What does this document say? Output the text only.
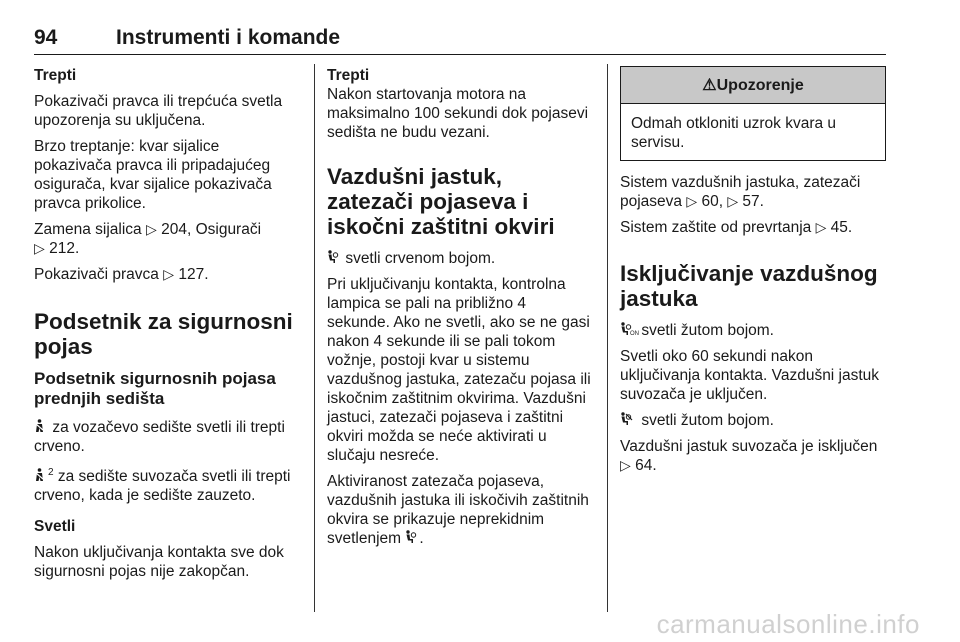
94	Instrumenti i komande

Trepti

Pokazivači pravca ili trepćuća svetla upozorenja su uključena.

Brzo treptanje: kvar sijalice pokazivača pravca ili pripadajućeg osigurača, kvar sijalice pokazivača pravca prikolice.

Zamena sijalica ▷ 204, Osigurači
▷ 212.

Pokazivači pravca ▷ 127.

Podsetnik za sigurnosni pojas
Podsetnik sigurnosnih pojasa prednjih sedišta

za vozačevo sedište svetli ili trepti crveno.

$^2$ za sedište suvozača svetli ili trepti crveno, kada je sedište zauzeto.

Svetli

Nakon uključivanja kontakta sve dok sigurnosni pojas nije zakopčan.

Trepti

Nakon startovanja motora na maksimalno 100 sekundi dok pojasevi sedišta ne budu vezani.

Vazdušni jastuk, zatezači pojaseva i iskočni zaštitni okviri

svetli crvenom bojom.

Pri uključivanju kontakta, kontrolna lampica se pali na približno 4 sekunde. Ako ne svetli, ako se ne gasi nakon 4 sekunde ili se pali tokom vožnje, postoji kvar u sistemu vazdušnog jastuka, zatezaču pojasa ili iskočnim zaštitnim okvirima. Vazdušni jastuci, zatezači pojaseva i zaštitni okviri možda se neće aktivirati u slučaju nesreće.

Aktiviranost zatezača pojaseva, vazdušnih jastuka ili iskočivih zaštitnih okvira se prikazuje neprekidnim svetlenjem .

⚠Upozorenje
Odmah otkloniti uzrok kvara u servisu.

Sistem vazdušnih jastuka, zatezači pojaseva ▷ 60, ▷ 57.

Sistem zaštite od prevrtanja ▷ 45.

Isključivanje vazdušnog jastuka

ON svetli žutom bojom.

Svetli oko 60 sekundi nakon uključivanja kontakta. Vazdušni jastuk suvozača je uključen.

svetli žutom bojom.

Vazdušni jastuk suvozača je isključen
▷ 64.

carmanualsonline.info
